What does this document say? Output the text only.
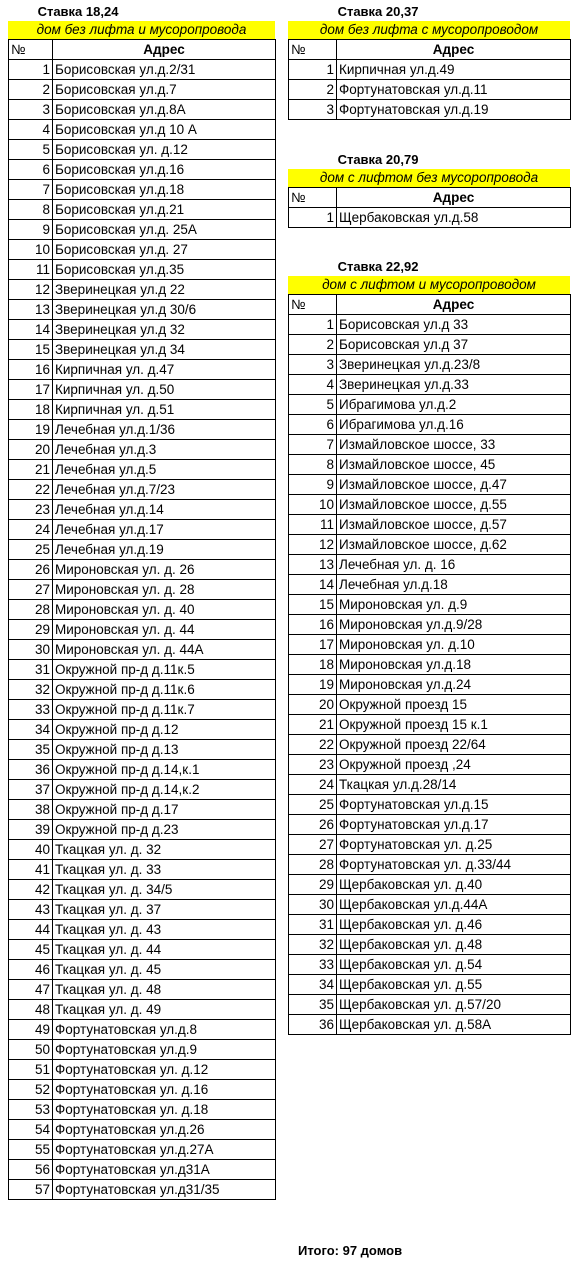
Ставка 18,24
дом без лифта и мусоропровода
№	Адрес
1	Борисовская ул.д.2/31
2	Борисовская ул.д.7
3	Борисовская ул.д.8А
4	Борисовская ул.д 10 А
5	Борисовская ул. д.12
6	Борисовская ул.д.16
7	Борисовская ул.д.18
8	Борисовская ул.д.21
9	Борисовская ул.д. 25А
10	Борисовская ул.д. 27
11	Борисовская ул.д.35
12	Зверинецкая ул.д 22
13	Зверинецкая ул.д 30/6
14	Зверинецкая ул.д 32
15	Зверинецкая ул.д 34
16	Кирпичная ул. д.47
17	Кирпичная ул. д.50
18	Кирпичная ул. д.51
19	Лечебная ул.д.1/36
20	Лечебная ул.д.3
21	Лечебная ул.д.5
22	Лечебная ул.д.7/23
23	Лечебная ул.д.14
24	Лечебная ул.д.17
25	Лечебная ул.д.19
26	Мироновская ул. д. 26
27	Мироновская ул. д. 28
28	Мироновская ул. д. 40
29	Мироновская ул. д. 44
30	Мироновская ул. д. 44А
31	Окружной пр-д д.11к.5
32	Окружной пр-д д.11к.6
33	Окружной пр-д д.11к.7
34	Окружной пр-д д.12
35	Окружной пр-д д.13
36	Окружной пр-д д.14,к.1
37	Окружной пр-д д.14,к.2
38	Окружной пр-д д.17
39	Окружной пр-д д.23
40	Ткацкая ул. д. 32
41	Ткацкая ул. д. 33
42	Ткацкая ул. д. 34/5
43	Ткацкая ул. д. 37
44	Ткацкая ул. д. 43
45	Ткацкая ул. д. 44
46	Ткацкая ул. д. 45
47	Ткацкая ул. д. 48
48	Ткацкая ул. д. 49
49	Фортунатовская ул.д.8
50	Фортунатовская ул.д.9
51	Фортунатовская ул. д.12
52	Фортунатовская ул. д.16
53	Фортунатовская ул. д.18
54	Фортунатовская ул.д.26
55	Фортунатовская ул.д.27А
56	Фортунатовская ул.д31А
57	Фортунатовская ул.д31/35
Ставка 20,37
дом без лифта с мусоропроводом
№	Адрес
1	Кирпичная ул.д.49
2	Фортунатовская ул.д.11
3	Фортунатовская ул.д.19
Ставка 20,79
дом с лифтом без мусоропровода
№	Адрес
1	Щербаковская ул.д.58
Ставка 22,92
дом с лифтом и мусоропроводом
№	Адрес
1	Борисовская ул.д 33
2	Борисовская ул.д 37
3	Зверинецкая ул.д.23/8
4	Зверинецкая ул.д.33
5	Ибрагимова ул.д.2
6	Ибрагимова ул.д.16
7	Измайловское шоссе, 33
8	Измайловское шоссе, 45
9	Измайловское шоссе, д.47
10	Измайловское шоссе, д.55
11	Измайловское шоссе, д.57
12	Измайловское шоссе, д.62
13	Лечебная ул. д. 16
14	Лечебная ул.д.18
15	Мироновская ул. д.9
16	Мироновская ул.д.9/28
17	Мироновская ул. д.10
18	Мироновская ул.д.18
19	Мироновская ул.д.24
20	Окружной проезд 15
21	Окружной проезд 15 к.1
22	Окружной проезд 22/64
23	Окружной проезд ,24
24	Ткацкая ул.д.28/14
25	Фортунатовская ул.д.15
26	Фортунатовская ул.д.17
27	Фортунатовская ул. д.25
28	Фортунатовская ул. д.33/44
29	Щербаковская ул. д.40
30	Щербаковская ул.д.44А
31	Щербаковская ул. д.46
32	Щербаковская ул. д.48
33	Щербаковская ул. д.54
34	Щербаковская ул. д.55
35	Щербаковская ул. д.57/20
36	Щербаковская ул. д.58А
Итого: 97 домов
